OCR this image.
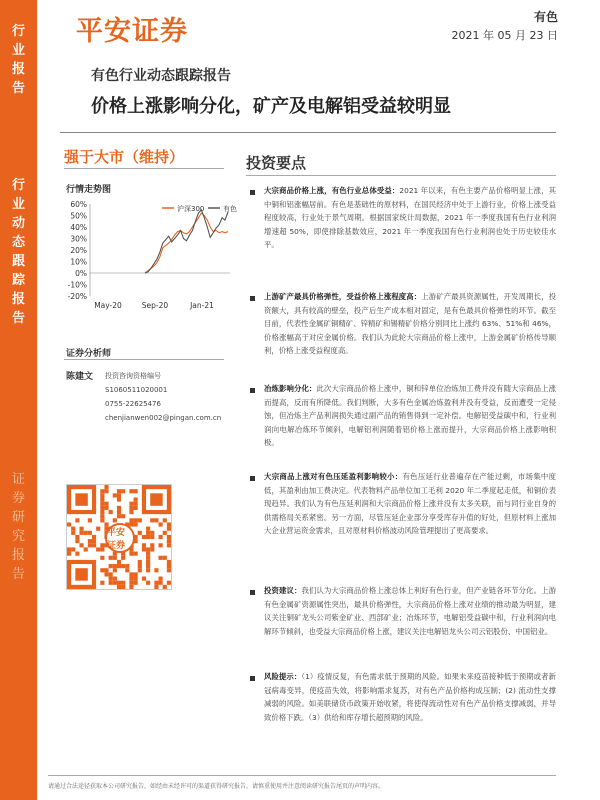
行
业
报
告
行
业
动
态
跟
踪
报
告
证
券
研
究
报
告
平安证券	有色
2021 年 05 月 23 日
有色行业动态跟踪报告
价格上涨影响分化，矿产及电解铝受益较明显
强于大市（维持）
行情走势图
-20%
-10%
0%
10%
20%
30%
40%
50%
60%
May-20	Sep-20	Jan-21
沪深300	有色
证券分析师
陈建文 投资咨询资格编号
S1060511020001
0755-22625476
chenjianwen002@pingan.com.cn
平安证券
投资要点
大宗商品价格上涨，有色行业总体受益：2021 年以来，有色主要产品价格明显上涨，其中铜和铝涨幅居前。有色是基础性的原材料，在国民经济中处于上游行业，价格上涨受益程度较高，行业处于景气周期。根据国家统计局数据，2021 年一季度我国有色行业利润增速超 50%，即使排除基数效应，2021 年一季度我国有色行业利润也处于历史较佳水平。
上游矿产最具价格弹性，受益价格上涨程度高：上游矿产最具资源属性，开发周期长，投资额大，具有较高的壁垒，投产后生产成本相对固定，是有色最具价格弹性的环节。截至目前，代表性金属矿铜精矿、锌精矿和锡精矿价格分别同比上涨约 63%、51%和 46%，价格涨幅高于对应金属价格。我们认为此轮大宗商品价格上涨中，上游金属矿价格传导顺利，价格上涨受益程度高。
冶炼影响分化：此次大宗商品价格上涨中，铜和锌单位冶炼加工费并没有随大宗商品上涨而提高，反而有所降低。我们判断，大多有色金属冶炼盈利并没有受益，反而遭受一定侵蚀，但冶炼主产品利润损失通过副产品的销售得到一定补偿。电解铝受益碳中和，行业利润向电解冶炼环节倾斜，电解铝利润随着铝价格上涨而提升，大宗商品价格上涨影响积极。
大宗商品上涨对有色压延盈利影响较小：有色压延行业普遍存在产能过剩，市场集中度低，其盈利由加工费决定。代表物料产品单位加工毛利 2020 年二季度起走低，和铜价表现趋异。我们认为有色压延利润和大宗商品价格上涨并没有太多关联，而与同行业自身的供需格局关系紧密。另一方面，尽管压延企业部分享受库存升值的好处，但原材料上涨加大企业营运资金需求，且对原材料价格波动风险管理提出了更高要求。
投资建议：我们认为大宗商品价格上涨总体上利好有色行业，但产业链各环节分化。上游有色金属矿资源属性突出，最具价格弹性，大宗商品价格上涨对业绩的推动最为明显，建议关注铜矿龙头公司紫金矿业、西部矿业；冶炼环节，电解铝受益碳中和，行业利润向电解环节倾斜，也受益大宗商品价格上涨，建议关注电解铝龙头公司云铝股份、中国铝业。
风险提示：（1）疫情反复，有色需求低于预期的风险。如果未来疫苗接种低于预期或者新冠病毒变异，使疫苗失效，将影响需求复苏，对有色产品价格构成压制；(2) 流动性支撑减弱的风险。如美联储货币政策开始收紧，将使得流动性对有色产品价格支撑减弱，并导致价格下跌。（3）供给和库存增长超预期的风险。
请通过合法途径获取本公司研究报告，如经由未经许可的渠道获得研究报告，请慎重使用并注意阅读研究报告尾页的声明内容。
